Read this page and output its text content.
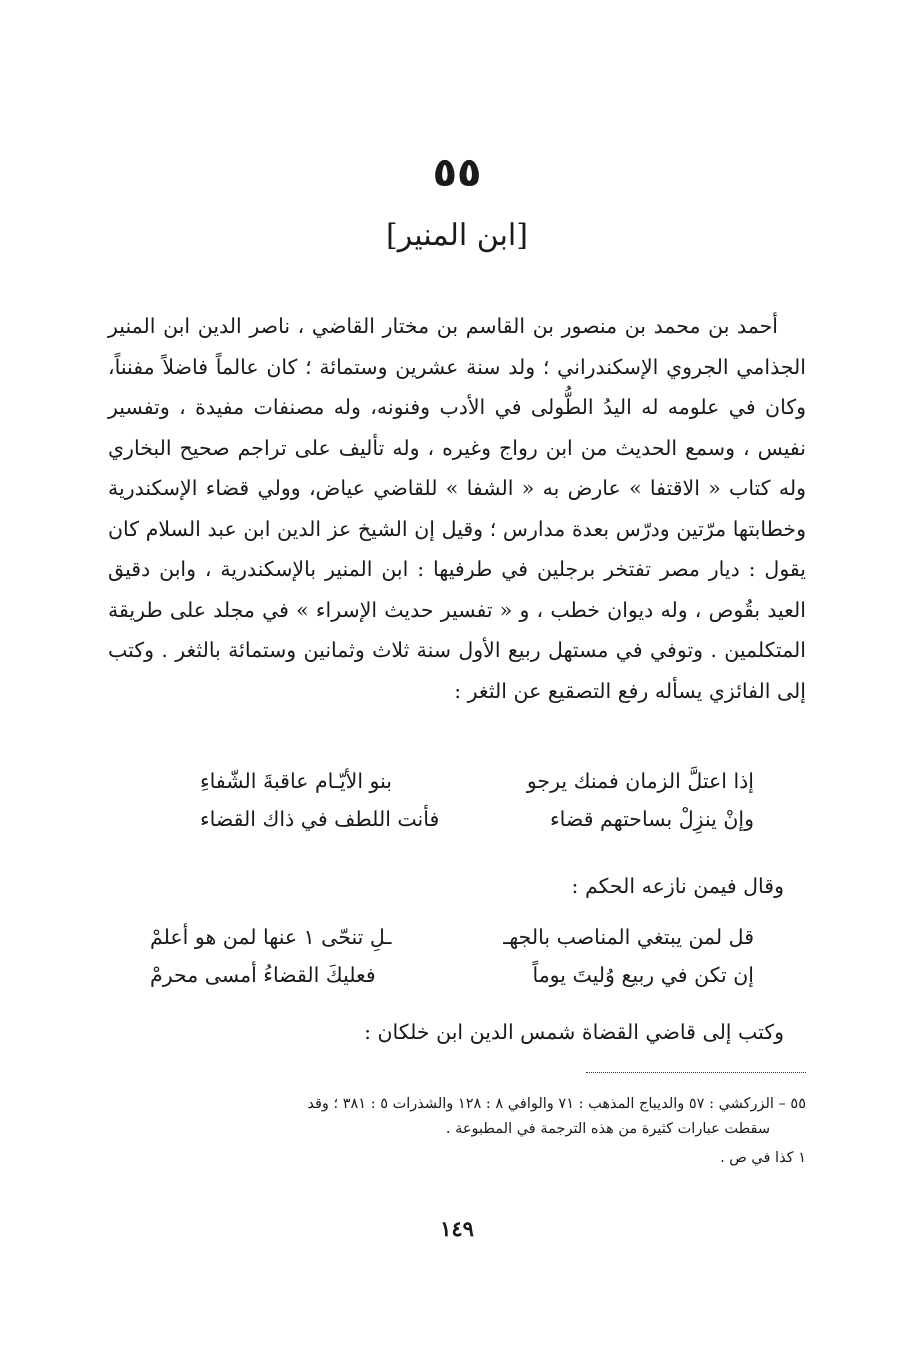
٥٥
[ابن المنير]

أحمد بن محمد بن منصور بن القاسم بن مختار القاضي ، ناصر الدين ابن المنير الجذامي الجروي الإسكندراني ؛ ولد سنة عشرين وستمائة ؛ كان عالماً فاضلاً مفنناً، وكان في علومه له اليدُ الطُّولى في الأدب وفنونه، وله مصنفات مفيدة ، وتفسير نفيس ، وسمع الحديث من ابن رواج وغيره ، وله تأليف على تراجم صحيح البخاري وله كتاب « الاقتفا » عارض به « الشفا » للقاضي عياض، وولي قضاء الإسكندرية وخطابتها مرّتين ودرّس بعدة مدارس ؛ وقيل إن الشيخ عز الدين ابن عبد السلام كان يقول : ديار مصر تفتخر برجلين في طرفيها : ابن المنير بالإسكندرية ، وابن دقيق العيد بقُوص ، وله ديوان خطب ، و « تفسير حديث الإسراء » في مجلد على طريقة المتكلمين . وتوفي في مستهل ربيع الأول سنة ثلاث وثمانين وستمائة بالثغر . وكتب إلى الفائزي يسأله رفع التصقيع عن الثغر :

إذا اعتلَّ الزمان فمنك يرجو
بنو الأيّـام عاقبةَ الشّفاءِ
وإنْ ينزِلْ بساحتهم قضاء
فأنت اللطف في ذاك القضاء
وقال فيمن نازعه الحكم :
قل لمن يبتغي المناصب بالجهـ
ـلِ تنحّى ١ عنها لمن هو أعلمْ
إن تكن في ربيع وُليتَ يوماً
فعليكَ القضاءُ أمسى محرمْ
وكتب إلى قاضي القضاة شمس الدين ابن خلكان :

٥٥ – الزركشي : ٥٧ والديباج المذهب : ٧١ والوافي ٨ : ١٢٨ والشذرات ٥ : ٣٨١ ؛ وقد

سقطت عبارات كثيرة من هذه الترجمة في المطبوعة .

١ كذا في ص .

١٤٩
